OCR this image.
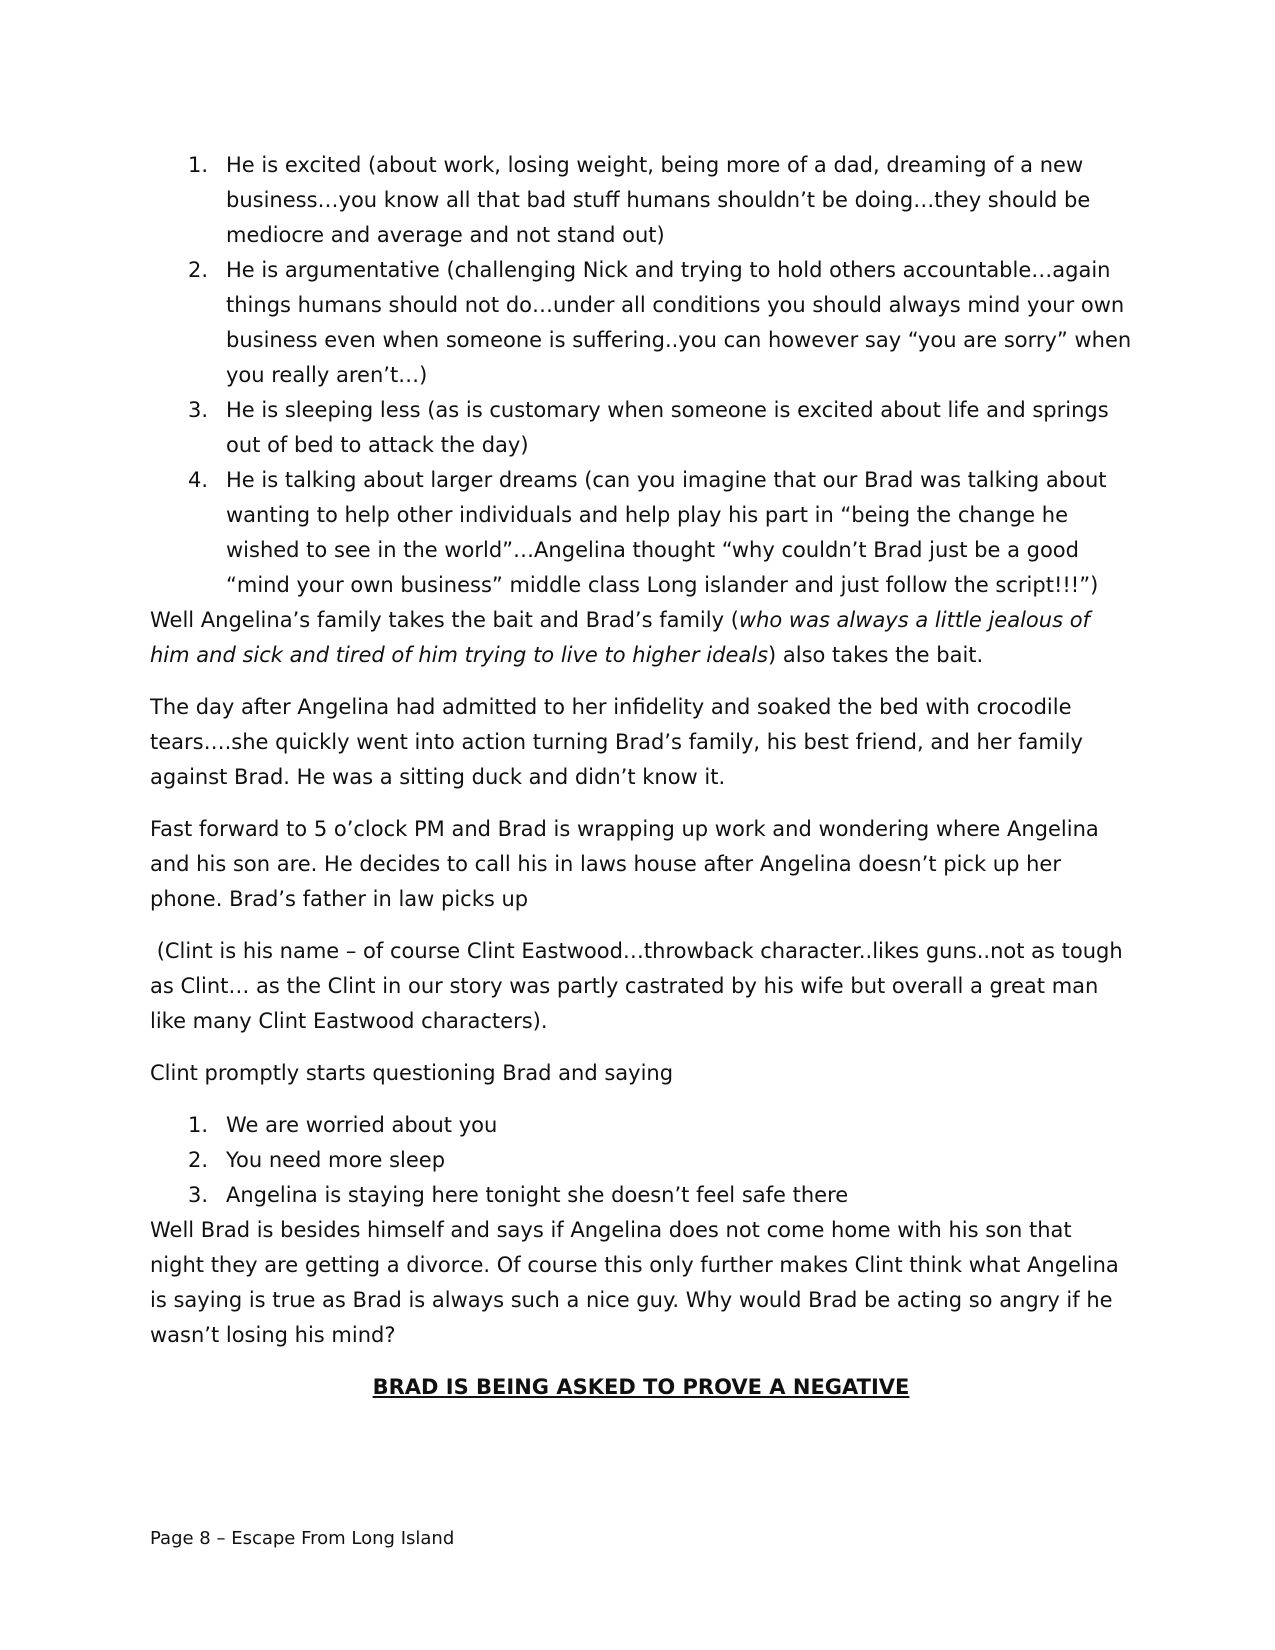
1. He is excited (about work, losing weight, being more of a dad, dreaming of a new business…you know all that bad stuff humans shouldn’t be doing…they should be mediocre and average and not stand out)
2. He is argumentative (challenging Nick and trying to hold others accountable…again things humans should not do…under all conditions you should always mind your own business even when someone is suffering..you can however say “you are sorry” when you really aren’t…)
3. He is sleeping less (as is customary when someone is excited about life and springs out of bed to attack the day)
4. He is talking about larger dreams (can you imagine that our Brad was talking about wanting to help other individuals and help play his part in “being the change he wished to see in the world”…Angelina thought “why couldn’t Brad just be a good “mind your own business” middle class Long islander and just follow the script!!!”)

Well Angelina’s family takes the bait and Brad’s family (who was always a little jealous of him and sick and tired of him trying to live to higher ideals) also takes the bait.

The day after Angelina had admitted to her infidelity and soaked the bed with crocodile tears….she quickly went into action turning Brad’s family, his best friend, and her family against Brad. He was a sitting duck and didn’t know it.

Fast forward to 5 o’clock PM and Brad is wrapping up work and wondering where Angelina and his son are. He decides to call his in laws house after Angelina doesn’t pick up her phone. Brad’s father in law picks up

(Clint is his name – of course Clint Eastwood…throwback character..likes guns..not as tough as Clint… as the Clint in our story was partly castrated by his wife but overall a great man like many Clint Eastwood characters).

Clint promptly starts questioning Brad and saying

1. We are worried about you
2. You need more sleep
3. Angelina is staying here tonight she doesn’t feel safe there

Well Brad is besides himself and says if Angelina does not come home with his son that night they are getting a divorce. Of course this only further makes Clint think what Angelina is saying is true as Brad is always such a nice guy. Why would Brad be acting so angry if he wasn’t losing his mind?

BRAD IS BEING ASKED TO PROVE A NEGATIVE

Page 8 – Escape From Long Island
